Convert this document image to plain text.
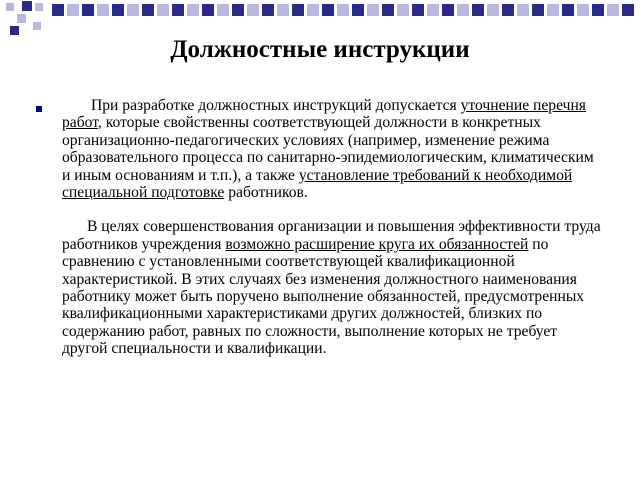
Должностные инструкции

При разработке должностных инструкций допускается уточнение перечня работ, которые свойственны соответствующей должности в конкретных организационно-педагогических условиях (например, изменение режима образовательного процесса по санитарно-эпидемиологическим, климатическим и иным основаниям и т.п.), а также установление требований к необходимой специальной подготовке работников.

В целях совершенствования организации и повышения эффективности труда работников учреждения возможно расширение круга их обязанностей по сравнению с установленными соответствующей квалификационной характеристикой. В этих случаях без изменения должностного наименования работнику может быть поручено выполнение обязанностей, предусмотренных квалификационными характеристиками других должностей, близких по содержанию работ, равных по сложности, выполнение которых не требует другой специальности и квалификации.
